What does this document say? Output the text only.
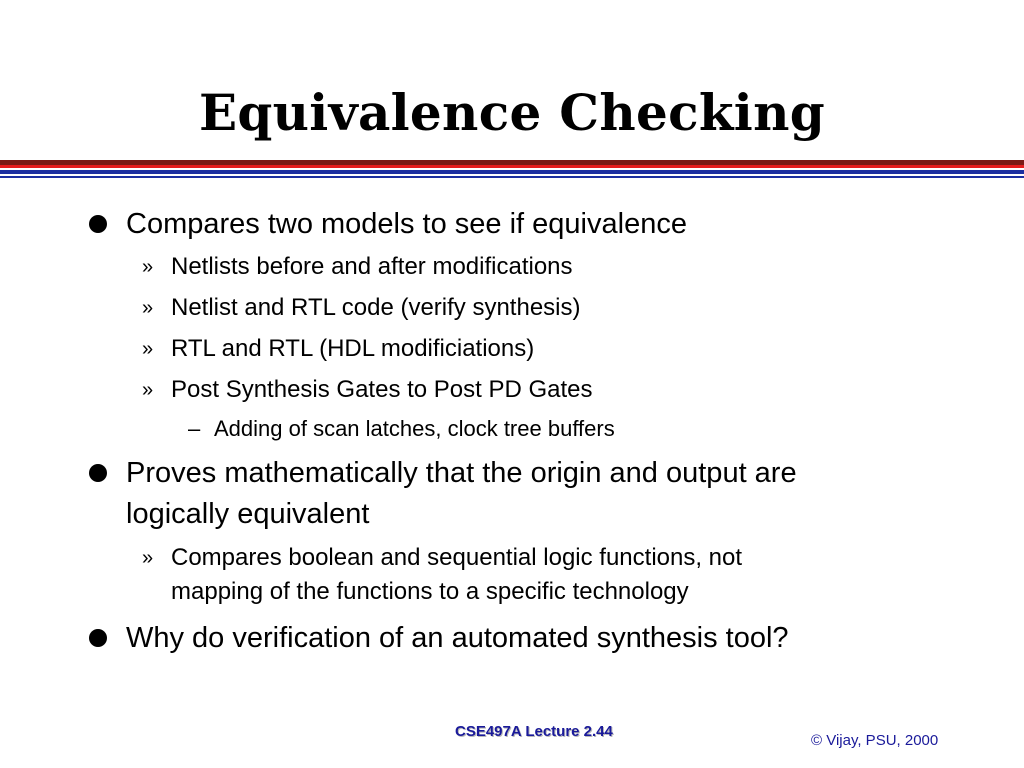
Equivalence Checking
Compares two models to see if equivalence
» Netlists before and after modifications
» Netlist and RTL code (verify synthesis)
» RTL and RTL (HDL modificiations)
» Post Synthesis Gates to Post PD Gates
– Adding of scan latches, clock tree buffers
Proves mathematically that the origin and output are
logically equivalent
» Compares boolean and sequential logic functions, not
mapping of the functions to a specific technology
Why do verification of an automated synthesis tool?
CSE497A Lecture 2.44
© Vijay, PSU, 2000
